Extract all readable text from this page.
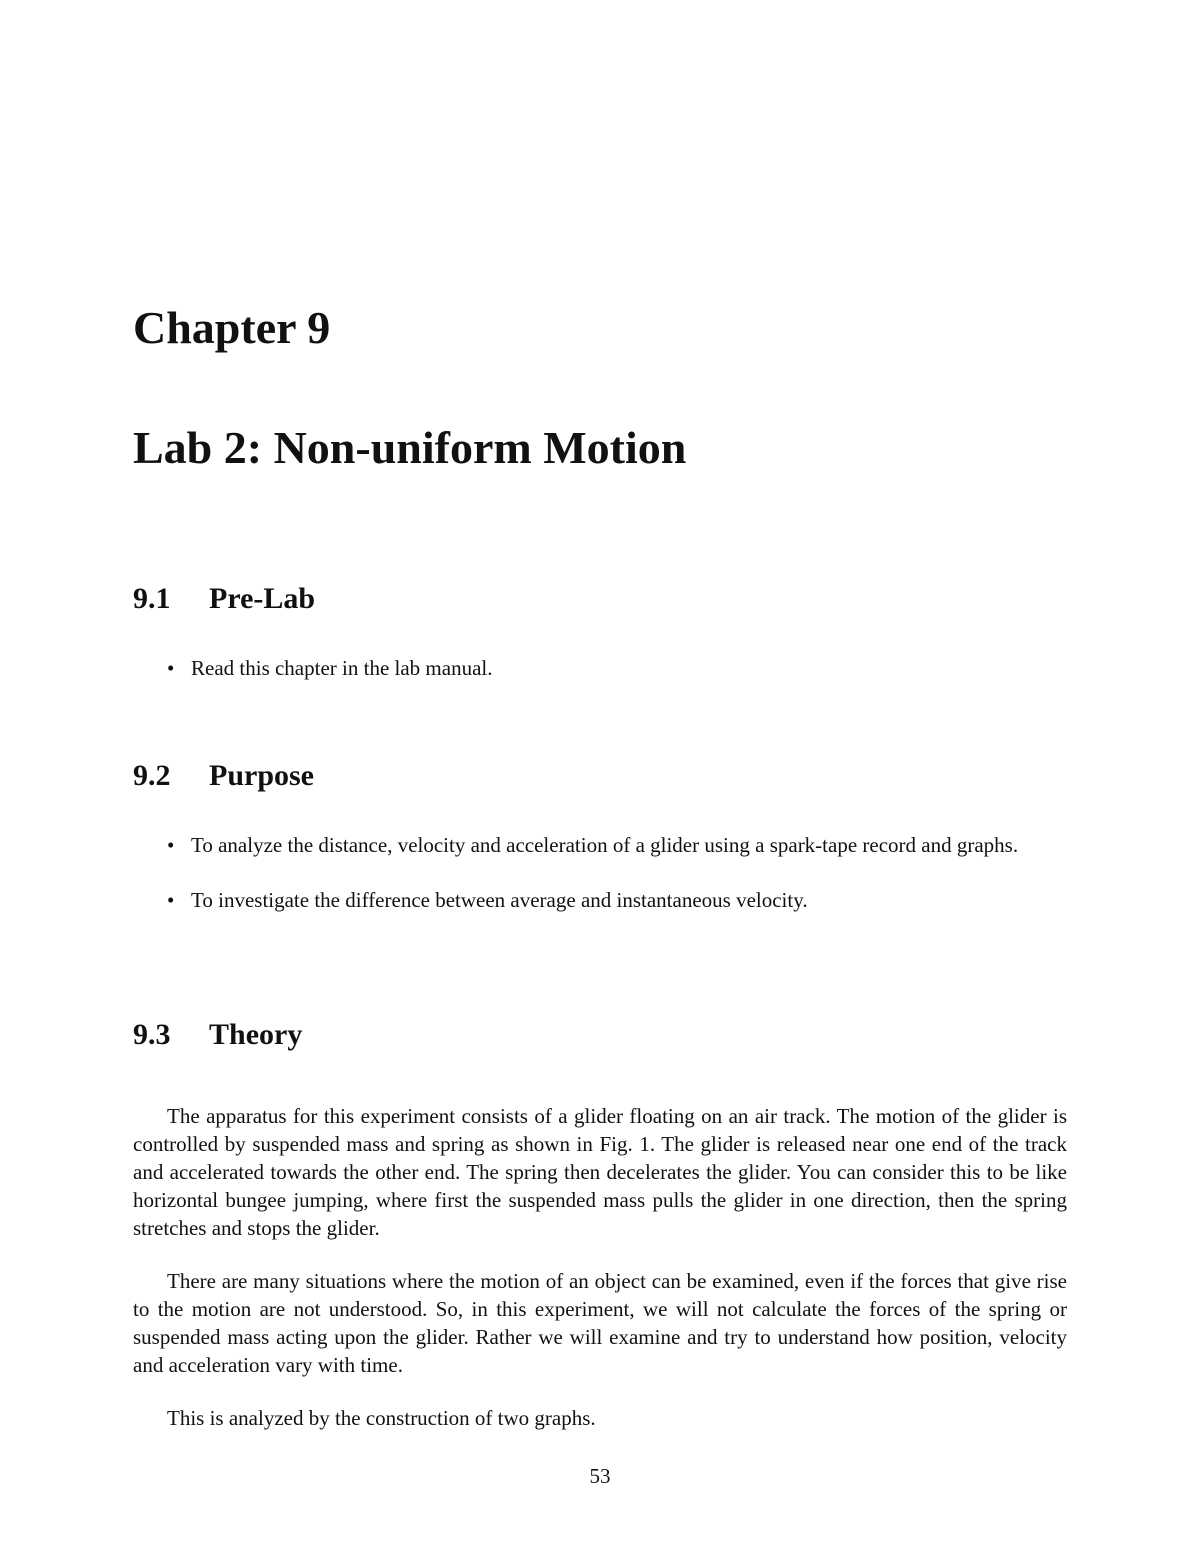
Chapter 9
Lab 2: Non-uniform Motion
9.1	Pre-Lab
• Read this chapter in the lab manual.
9.2	Purpose
• To analyze the distance, velocity and acceleration of a glider using a spark-tape record and graphs.
• To investigate the difference between average and instantaneous velocity.
9.3	Theory

The apparatus for this experiment consists of a glider floating on an air track. The motion of the glider is controlled by suspended mass and spring as shown in Fig. 1. The glider is released near one end of the track and accelerated towards the other end. The spring then decelerates the glider. You can consider this to be like horizontal bungee jumping, where first the suspended mass pulls the glider in one direction, then the spring stretches and stops the glider.

There are many situations where the motion of an object can be examined, even if the forces that give rise to the motion are not understood. So, in this experiment, we will not calculate the forces of the spring or suspended mass acting upon the glider. Rather we will examine and try to understand how position, velocity and acceleration vary with time.

This is analyzed by the construction of two graphs.

53
